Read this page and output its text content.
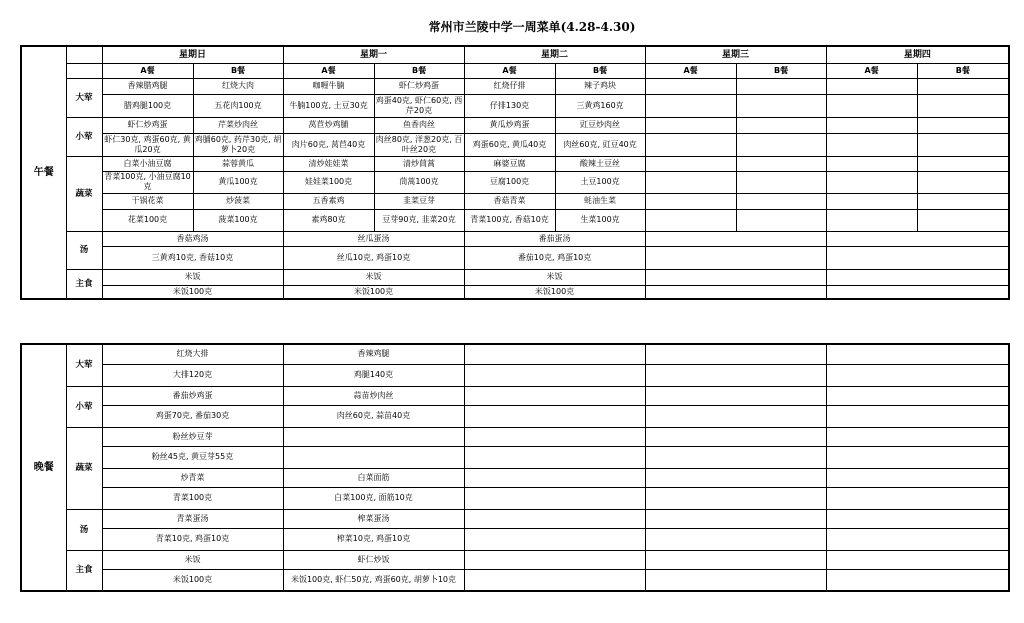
常州市兰陵中学一周菜单(4.28-4.30)
午餐		星期日		星期一		星期二		星期三		星期四	
		A餐	B餐	A餐	B餐	A餐	B餐	A餐	B餐	A餐	B餐
	大荤	香辣腊鸡腿	红烧大肉	咖喱牛腩	虾仁炒鸡蛋	红烧仔排	辣子鸡块				
		腊鸡腿100克	五花肉100克	牛腩100克, 土豆30克	鸡蛋40克, 虾仁60克, 西芹20克	仔排130克	三黄鸡160克				
	小荤	虾仁炒鸡蛋	芹菜炒肉丝	莴苣炒鸡脯	鱼香肉丝	黄瓜炒鸡蛋	豇豆炒肉丝				
		虾仁30克, 鸡蛋60克, 黄瓜20克	鸡脯60克, 药芹30克, 胡萝卜20克	肉片60克, 莴苣40克	肉丝80克, 洋葱20克, 百叶丝20克	鸡蛋60克, 黄瓜40克	肉丝60克, 豇豆40克				
	蔬菜	白菜小油豆腐	蒜蓉黄瓜	清炒娃娃菜	清炒茼蒿	麻婆豆腐	酸辣土豆丝				
		青菜100克, 小油豆腐10克	黄瓜100克	娃娃菜100克	茼蒿100克	豆腐100克	土豆100克				
		干锅花菜	炒菠菜	五香素鸡	韭菜豆芽	香菇青菜	蚝油生菜				
		花菜100克	菠菜100克	素鸡80克	豆芽90克, 韭菜20克	青菜100克, 香菇10克	生菜100克				
	汤	香菇鸡汤		丝瓜蛋汤		番茄蛋汤					
		三黄鸡10克, 香菇10克		丝瓜10克, 鸡蛋10克		番茄10克, 鸡蛋10克					
	主食	米饭		米饭		米饭					
		米饭100克		米饭100克		米饭100克					
晚餐	大荤	红烧大排	香辣鸡腿			
		大排120克	鸡腿140克			
	小荤	番茄炒鸡蛋	蒜苗炒肉丝			
		鸡蛋70克, 番茄30克	肉丝60克, 蒜苗40克			
	蔬菜	粉丝炒豆芽				
		粉丝45克, 黄豆芽55克				
		炒青菜	白菜面筋			
		青菜100克	白菜100克, 面筋10克			
	汤	青菜蛋汤	榨菜蛋汤			
		青菜10克, 鸡蛋10克	榨菜10克, 鸡蛋10克			
	主食	米饭	虾仁炒饭			
		米饭100克	米饭100克, 虾仁50克, 鸡蛋60克, 胡萝卜10克			
